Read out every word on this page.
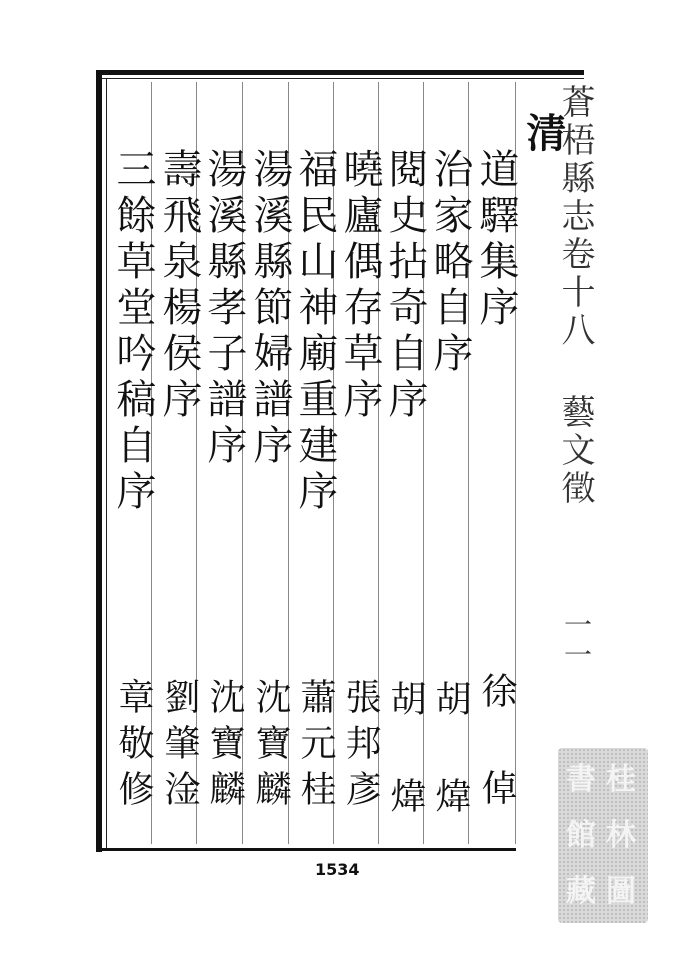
蒼梧縣志卷十八 藝文徵
一一
清
道驛集序
治家略自序
閱史拈奇自序
曉廬偶存草序
福民山神廟重建序
湯溪縣節婦譜序
湯溪縣孝子譜序
壽飛泉楊侯序
三餘草堂吟稿自序
徐 倬
胡 煒
胡 煒
張邦彥
蕭元桂
沈寶麟
沈寶麟
劉肇淦
章敬修
1534
桂
林
圖
書
館
藏
